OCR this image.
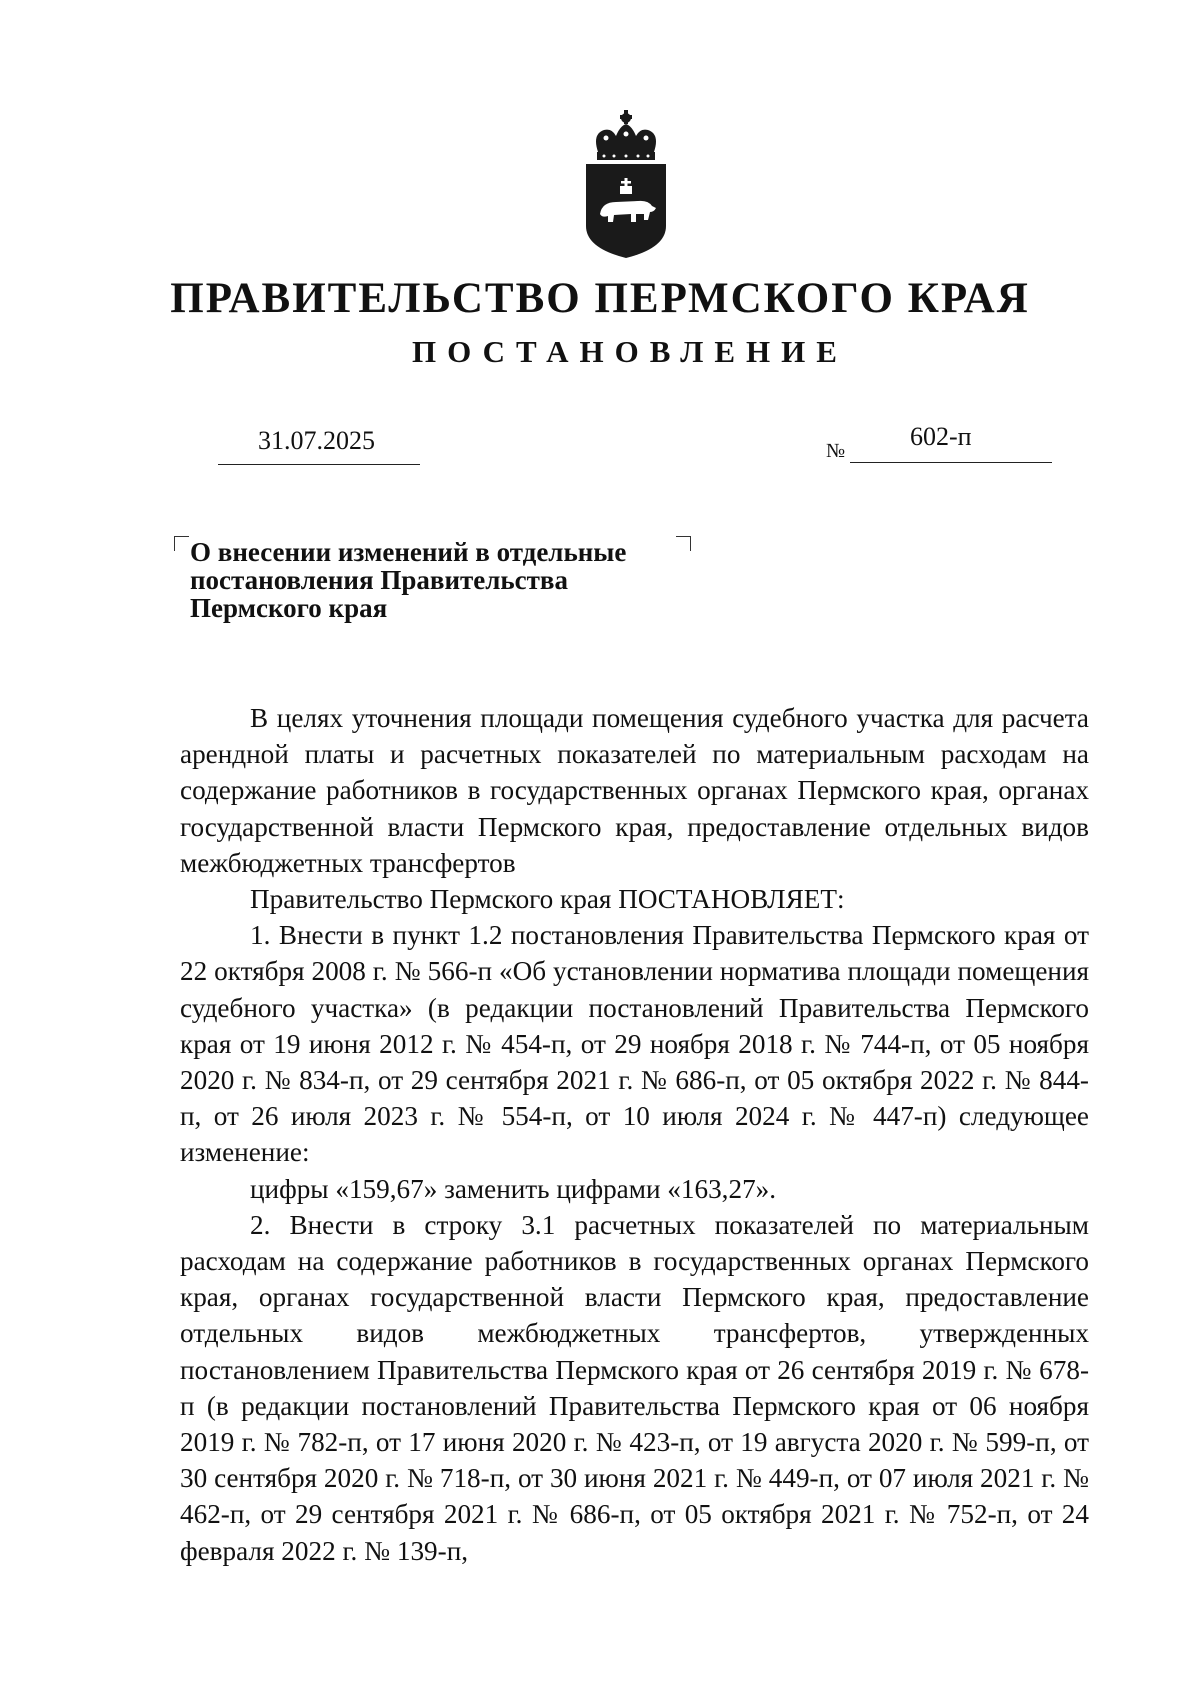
ПРАВИТЕЛЬСТВО ПЕРМСКОГО КРАЯ
ПОСТАНОВЛЕНИЕ
31.07.2025	№ 602-п
О внесении изменений в отдельные
постановления Правительства
Пермского края

В целях уточнения площади помещения судебного участка для расчета арендной платы и расчетных показателей по материальным расходам на содержание работников в государственных органах Пермского края, органах государственной власти Пермского края, предоставление отдельных видов межбюджетных трансфертов

Правительство Пермского края ПОСТАНОВЛЯЕТ:

1. Внести в пункт 1.2 постановления Правительства Пермского края от 22 октября 2008 г. № 566-п «Об установлении норматива площади помещения судебного участка» (в редакции постановлений Правительства Пермского края от 19 июня 2012 г. № 454-п, от 29 ноября 2018 г. № 744-п, от 05 ноября 2020 г. № 834-п, от 29 сентября 2021 г. № 686-п, от 05 октября 2022 г. № 844-п, от 26 июля 2023 г. № 554-п, от 10 июля 2024 г. № 447-п) следующее изменение:

цифры «159,67» заменить цифрами «163,27».

2. Внести в строку 3.1 расчетных показателей по материальным расходам на содержание работников в государственных органах Пермского края, органах государственной власти Пермского края, предоставление отдельных видов межбюджетных трансфертов, утвержденных постановлением Правительства Пермского края от 26 сентября 2019 г. № 678-п (в редакции постановлений Правительства Пермского края от 06 ноября 2019 г. № 782-п, от 17 июня 2020 г. № 423-п, от 19 августа 2020 г. № 599-п, от 30 сентября 2020 г. № 718-п, от 30 июня 2021 г. № 449-п, от 07 июля 2021 г. № 462-п, от 29 сентября 2021 г. № 686-п, от 05 октября 2021 г. № 752-п, от 24 февраля 2022 г. № 139-п,
